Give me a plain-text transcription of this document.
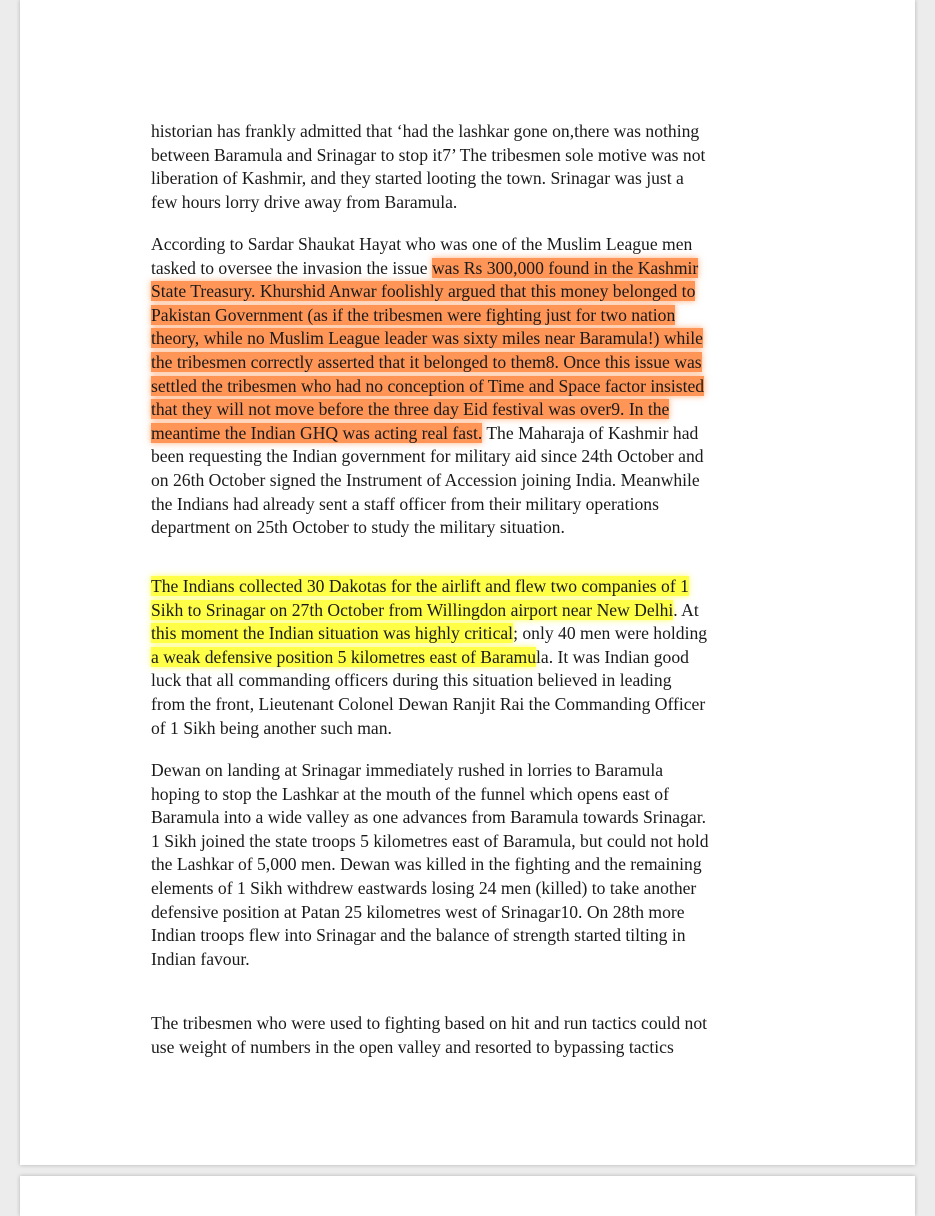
historian has frankly admitted that ‘had the lashkar gone on,there was nothing
between Baramula and Srinagar to stop it7’ The tribesmen sole motive was not
liberation of Kashmir, and they started looting the town. Srinagar was just a
few hours lorry drive away from Baramula.

According to Sardar Shaukat Hayat who was one of the Muslim League men
tasked to oversee the invasion the issue was Rs 300,000 found in the Kashmir
State Treasury. Khurshid Anwar foolishly argued that this money belonged to
Pakistan Government (as if the tribesmen were fighting just for two nation
theory, while no Muslim League leader was sixty miles near Baramula!) while
the tribesmen correctly asserted that it belonged to them8. Once this issue was
settled the tribesmen who had no conception of Time and Space factor insisted
that they will not move before the three day Eid festival was over9. In the
meantime the Indian GHQ was acting real fast. The Maharaja of Kashmir had
been requesting the Indian government for military aid since 24th October and
on 26th October signed the Instrument of Accession joining India. Meanwhile
the Indians had already sent a staff officer from their military operations
department on 25th October to study the military situation.

The Indians collected 30 Dakotas for the airlift and flew two companies of 1
Sikh to Srinagar on 27th October from Willingdon airport near New Delhi. At
this moment the Indian situation was highly critical; only 40 men were holding
a weak defensive position 5 kilometres east of Baramula. It was Indian good
luck that all commanding officers during this situation believed in leading
from the front, Lieutenant Colonel Dewan Ranjit Rai the Commanding Officer
of 1 Sikh being another such man.

Dewan on landing at Srinagar immediately rushed in lorries to Baramula
hoping to stop the Lashkar at the mouth of the funnel which opens east of
Baramula into a wide valley as one advances from Baramula towards Srinagar.
1 Sikh joined the state troops 5 kilometres east of Baramula, but could not hold
the Lashkar of 5,000 men. Dewan was killed in the fighting and the remaining
elements of 1 Sikh withdrew eastwards losing 24 men (killed) to take another
defensive position at Patan 25 kilometres west of Srinagar10. On 28th more
Indian troops flew into Srinagar and the balance of strength started tilting in
Indian favour.

The tribesmen who were used to fighting based on hit and run tactics could not
use weight of numbers in the open valley and resorted to bypassing tactics
